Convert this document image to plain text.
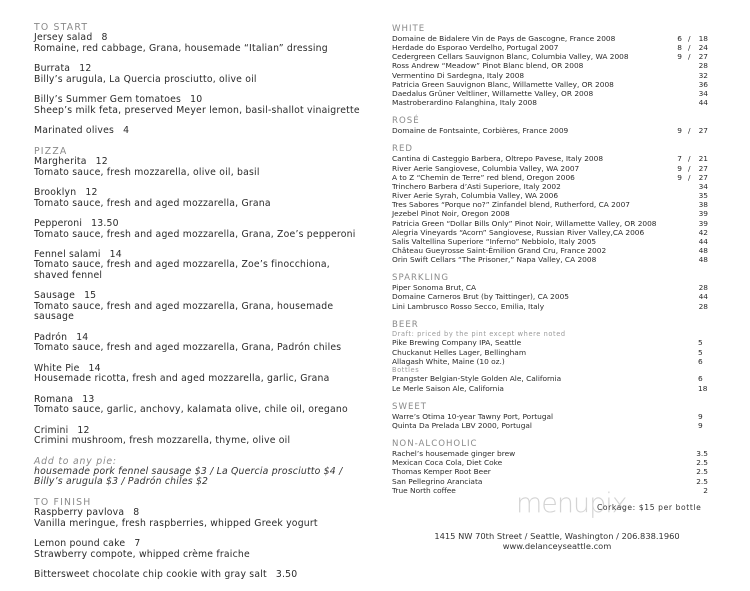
TO START
Jersey salad 8
Romaine, red cabbage, Grana, housemade “Italian” dressing
Burrata 12
Billy’s arugula, La Quercia prosciutto, olive oil
Billy’s Summer Gem tomatoes 10
Sheep’s milk feta, preserved Meyer lemon, basil-shallot vinaigrette
Marinated olives 4
PIZZA
Margherita 12
Tomato sauce, fresh mozzarella, olive oil, basil
Brooklyn 12
Tomato sauce, fresh and aged mozzarella, Grana
Pepperoni 13.50
Tomato sauce, fresh and aged mozzarella, Grana, Zoe’s pepperoni
Fennel salami 14
Tomato sauce, fresh and aged mozzarella, Zoe’s finocchiona, shaved fennel
Sausage 15
Tomato sauce, fresh and aged mozzarella, Grana, housemade sausage
Padrón 14
Tomato sauce, fresh and aged mozzarella, Grana, Padrón chiles
White Pie 14
Housemade ricotta, fresh and aged mozzarella, garlic, Grana
Romana 13
Tomato sauce, garlic, anchovy, kalamata olive, chile oil, oregano
Crimini 12
Crimini mushroom, fresh mozzarella, thyme, olive oil
Add to any pie:
housemade pork fennel sausage $3 / La Quercia prosciutto $4 /
Billy’s arugula $3 / Padrón chiles $2
TO FINISH
Raspberry pavlova 8
Vanilla meringue, fresh raspberries, whipped Greek yogurt
Lemon pound cake 7
Strawberry compote, whipped crème fraiche
Bittersweet chocolate chip cookie with gray salt 3.50
WHITE
Domaine de Bidalere Vin de Pays de Gascogne, France 2008	6 / 18
Herdade do Esporao Verdelho, Portugal 2007	8 / 24
Cedergreen Cellars Sauvignon Blanc, Columbia Valley, WA 2008	9 / 27
Ross Andrew “Meadow” Pinot Blanc blend, OR 2008	28
Vermentino Di Sardegna, Italy 2008	32
Patricia Green Sauvignon Blanc, Willamette Valley, OR 2008	36
Daedalus Grüner Veltliner, Willamette Valley, OR 2008	34
Mastroberardino Falanghina, Italy 2008	44
ROSÉ
Domaine de Fontsainte, Corbières, France 2009	9 / 27
RED
Cantina di Casteggio Barbera, Oltrepo Pavese, Italy 2008	7 / 21
River Aerie Sangiovese, Columbia Valley, WA 2007	9 / 27
A to Z “Chemin de Terre” red blend, Oregon 2006	9 / 27
Trinchero Barbera d’Asti Superiore, Italy 2002	34
River Aerie Syrah, Columbia Valley, WA 2006	35
Tres Sabores “Porque no?” Zinfandel blend, Rutherford, CA 2007	38
Jezebel Pinot Noir, Oregon 2008	39
Patricia Green “Dollar Bills Only” Pinot Noir, Willamette Valley, OR 2008	39
Alegria Vineyards “Acorn” Sangiovese, Russian River Valley,CA 2006	42
Salis Valtellina Superiore “Inferno” Nebbiolo, Italy 2005	44
Château Gueyrosse Saint-Émilion Grand Cru, France 2002	48
Orin Swift Cellars “The Prisoner,” Napa Valley, CA 2008	48
SPARKLING
Piper Sonoma Brut, CA	28
Domaine Carneros Brut (by Taittinger), CA 2005	44
Lini Lambrusco Rosso Secco, Emilia, Italy	28
BEER
Draft: priced by the pint except where noted
Pike Brewing Company IPA, Seattle	5
Chuckanut Helles Lager, Bellingham	5
Allagash White, Maine (10 oz.)	6
Bottles
Prangster Belgian-Style Golden Ale, California	6
Le Merle Saison Ale, California	18
SWEET
Warre’s Otima 10-year Tawny Port, Portugal	9
Quinta Da Prelada LBV 2000, Portugal	9
NON-ALCOHOLIC
Rachel’s housemade ginger brew	3.5
Mexican Coca Cola, Diet Coke	2.5
Thomas Kemper Root Beer	2.5
San Pellegrino Aranciata	2.5
True North coffee	2
menupix
Corkage: $15 per bottle
1415 NW 70th Street / Seattle, Washington / 206.838.1960
www.delanceyseattle.com
